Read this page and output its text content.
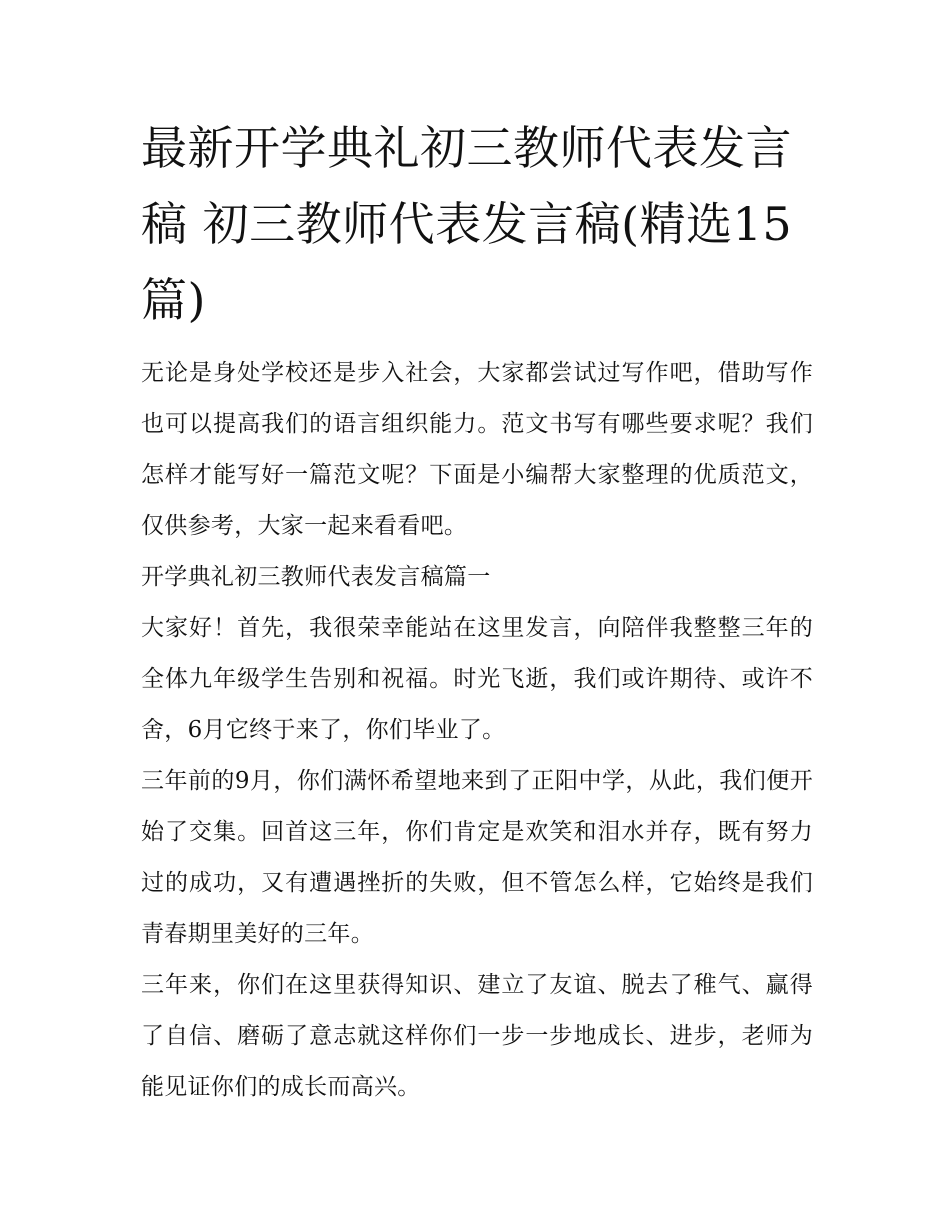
最新开学典礼初三教师代表发言稿 初三教师代表发言稿(精选15篇)

无论是身处学校还是步入社会，大家都尝试过写作吧，借助写作也可以提高我们的语言组织能力。范文书写有哪些要求呢？我们怎样才能写好一篇范文呢？下面是小编帮大家整理的优质范文，仅供参考，大家一起来看看吧。

开学典礼初三教师代表发言稿篇一

大家好！首先，我很荣幸能站在这里发言，向陪伴我整整三年的全体九年级学生告别和祝福。时光飞逝，我们或许期待、或许不舍，6月它终于来了，你们毕业了。

三年前的9月，你们满怀希望地来到了正阳中学，从此，我们便开始了交集。回首这三年，你们肯定是欢笑和泪水并存，既有努力过的成功，又有遭遇挫折的失败，但不管怎么样，它始终是我们青春期里美好的三年。

三年来，你们在这里获得知识、建立了友谊、脱去了稚气、赢得了自信、磨砺了意志就这样你们一步一步地成长、进步，老师为能见证你们的成长而高兴。
